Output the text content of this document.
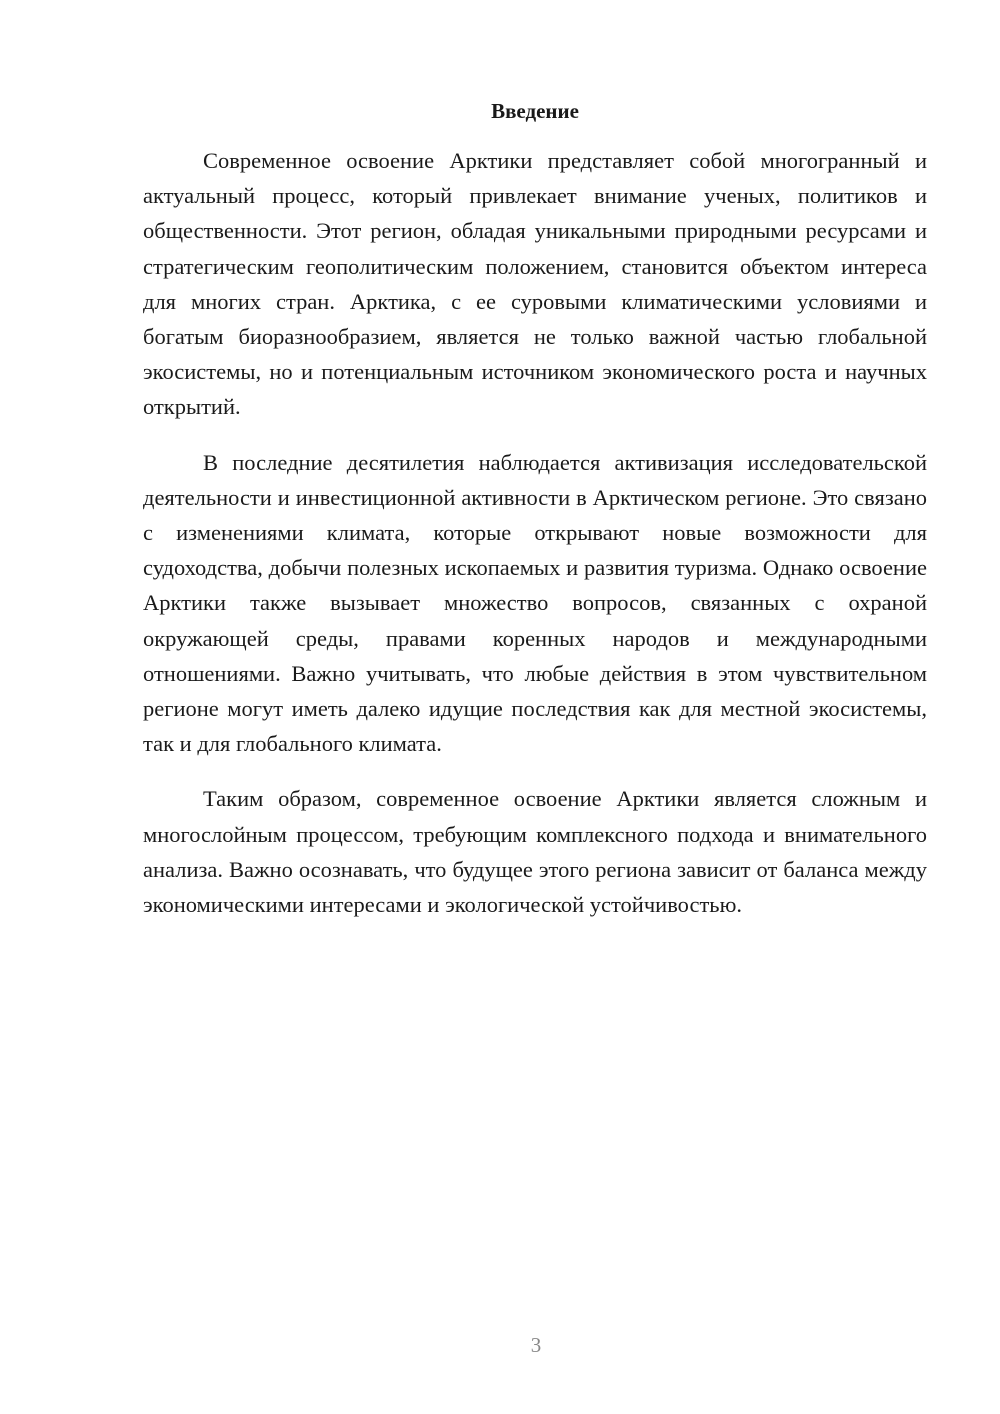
Введение

Современное освоение Арктики представляет собой многогранный и актуальный процесс, который привлекает внимание ученых, политиков и общественности. Этот регион, обладая уникальными природными ресурсами и стратегическим геополитическим положением, становится объектом интереса для многих стран. Арктика, с ее суровыми климатическими условиями и богатым биоразнообразием, является не только важной частью глобальной экосистемы, но и потенциальным источником экономического роста и научных открытий.

В последние десятилетия наблюдается активизация исследовательской деятельности и инвестиционной активности в Арктическом регионе. Это связано с изменениями климата, которые открывают новые возможности для судоходства, добычи полезных ископаемых и развития туризма. Однако освоение Арктики также вызывает множество вопросов, связанных с охраной окружающей среды, правами коренных народов и международными отношениями. Важно учитывать, что любые действия в этом чувствительном регионе могут иметь далеко идущие последствия как для местной экосистемы, так и для глобального климата.

Таким образом, современное освоение Арктики является сложным и многослойным процессом, требующим комплексного подхода и внимательного анализа. Важно осознавать, что будущее этого региона зависит от баланса между экономическими интересами и экологической устойчивостью.

3
